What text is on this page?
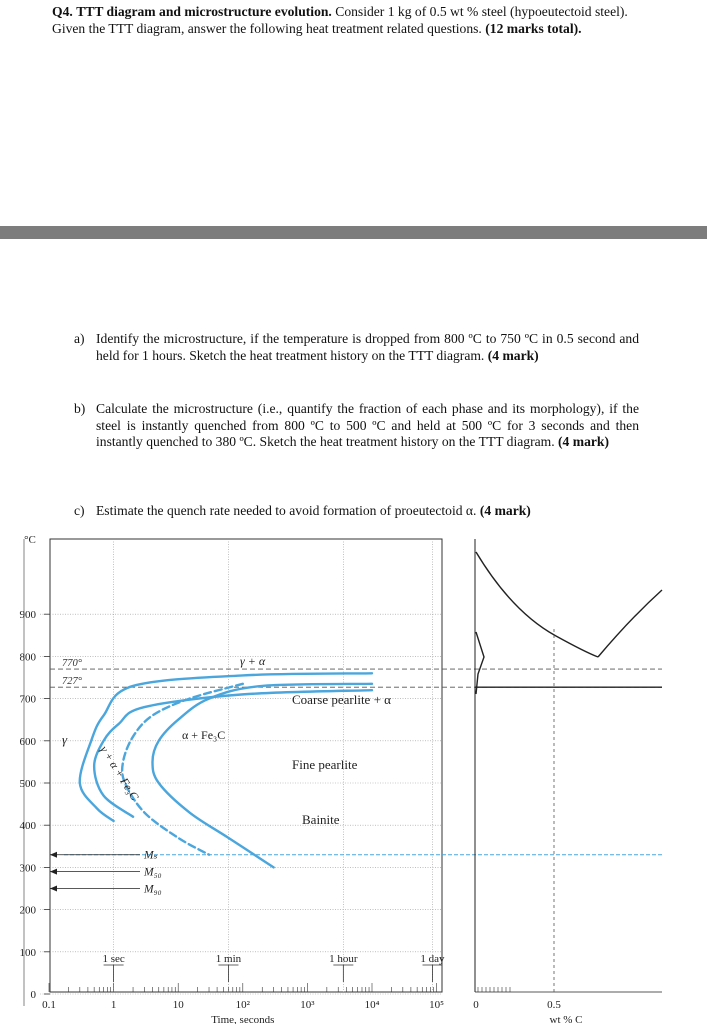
Q4. TTT diagram and microstructure evolution. Consider 1 kg of 0.5 wt % steel (hypoeutectoid steel). Given the TTT diagram, answer the following heat treatment related questions. (12 marks total).
a) Identify the microstructure, if the temperature is dropped from 800 ºC to 750 ºC in 0.5 second and held for 1 hours. Sketch the heat treatment history on the TTT diagram. (4 mark)
b) Calculate the microstructure (i.e., quantify the fraction of each phase and its morphology), if the steel is instantly quenched from 800 ºC to 500 ºC and held at 500 ºC for 3 seconds and then instantly quenched to 380 ºC. Sketch the heat treatment history on the TTT diagram. (4 mark)
c) Estimate the quench rate needed to avoid formation of proeutectoid α. (4 mark)
0
100
200
300
400
500
600
700
800
900
°C
1 sec	1 min	1 hour	1 day
0.1	1	10	10²	10³	10⁴	10⁵
Time, seconds
770°
727°
Mₛ
M₅₀
M₉₀
γ
γ + α
α + Fe₃C
Coarse pearlite + α
Fine pearlite
Bainite
γ + α + Fe₃C
0	0.5
wt % C
